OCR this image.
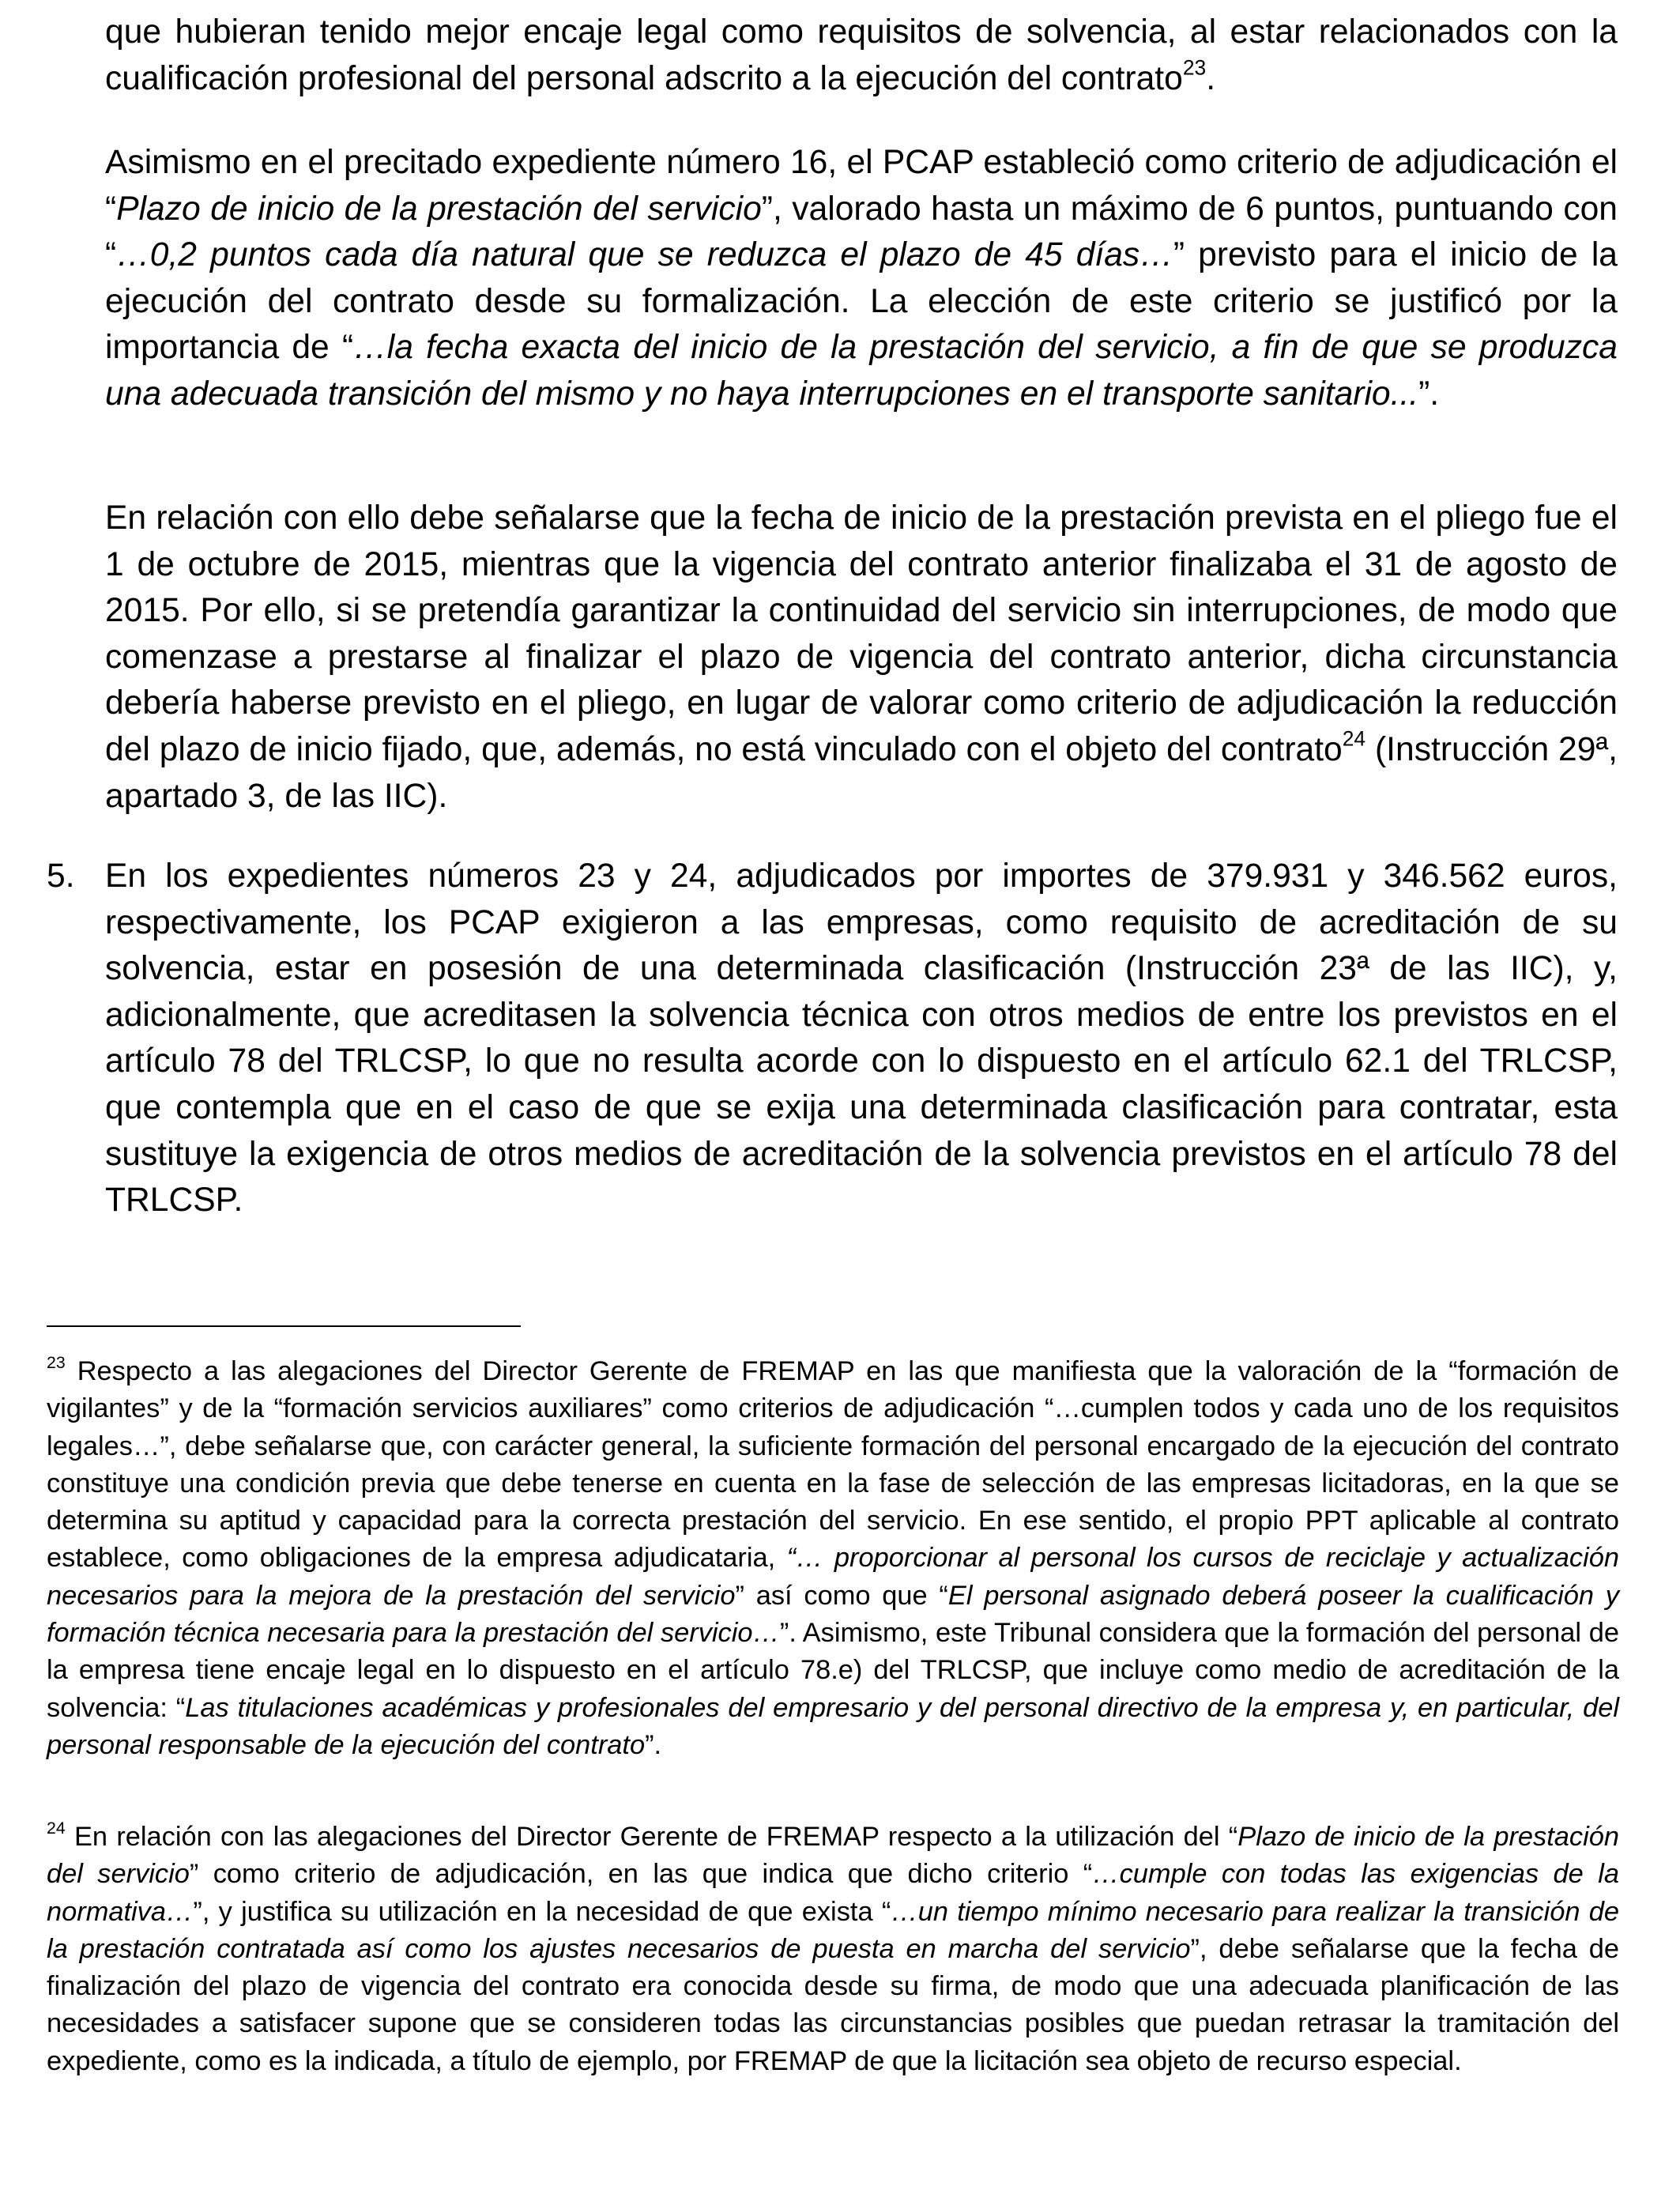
que hubieran tenido mejor encaje legal como requisitos de solvencia, al estar relacionados con la cualificación profesional del personal adscrito a la ejecución del contrato$^{23}$.
Asimismo en el precitado expediente número 16, el PCAP estableció como criterio de adjudicación el “Plazo de inicio de la prestación del servicio”, valorado hasta un máximo de 6 puntos, puntuando con “…0,2 puntos cada día natural que se reduzca el plazo de 45 días…” previsto para el inicio de la ejecución del contrato desde su formalización. La elección de este criterio se justificó por la importancia de “…la fecha exacta del inicio de la prestación del servicio, a fin de que se produzca una adecuada transición del mismo y no haya interrupciones en el transporte sanitario...”.
En relación con ello debe señalarse que la fecha de inicio de la prestación prevista en el pliego fue el 1 de octubre de 2015, mientras que la vigencia del contrato anterior finalizaba el 31 de agosto de 2015. Por ello, si se pretendía garantizar la continuidad del servicio sin interrupciones, de modo que comenzase a prestarse al finalizar el plazo de vigencia del contrato anterior, dicha circunstancia debería haberse previsto en el pliego, en lugar de valorar como criterio de adjudicación la reducción del plazo de inicio fijado, que, además, no está vinculado con el objeto del contrato$^{24}$ (Instrucción 29ª, apartado 3, de las IIC).
5. En los expedientes números 23 y 24, adjudicados por importes de 379.931 y 346.562 euros, respectivamente, los PCAP exigieron a las empresas, como requisito de acreditación de su solvencia, estar en posesión de una determinada clasificación (Instrucción 23ª de las IIC), y, adicionalmente, que acreditasen la solvencia técnica con otros medios de entre los previstos en el artículo 78 del TRLCSP, lo que no resulta acorde con lo dispuesto en el artículo 62.1 del TRLCSP, que contempla que en el caso de que se exija una determinada clasificación para contratar, esta sustituye la exigencia de otros medios de acreditación de la solvencia previstos en el artículo 78 del TRLCSP.
$^{23}$ Respecto a las alegaciones del Director Gerente de FREMAP en las que manifiesta que la valoración de la “formación de vigilantes” y de la “formación servicios auxiliares” como criterios de adjudicación “…cumplen todos y cada uno de los requisitos legales…”, debe señalarse que, con carácter general, la suficiente formación del personal encargado de la ejecución del contrato constituye una condición previa que debe tenerse en cuenta en la fase de selección de las empresas licitadoras, en la que se determina su aptitud y capacidad para la correcta prestación del servicio. En ese sentido, el propio PPT aplicable al contrato establece, como obligaciones de la empresa adjudicataria, “… proporcionar al personal los cursos de reciclaje y actualización necesarios para la mejora de la prestación del servicio” así como que “El personal asignado deberá poseer la cualificación y formación técnica necesaria para la prestación del servicio…”. Asimismo, este Tribunal considera que la formación del personal de la empresa tiene encaje legal en lo dispuesto en el artículo 78.e) del TRLCSP, que incluye como medio de acreditación de la solvencia: “Las titulaciones académicas y profesionales del empresario y del personal directivo de la empresa y, en particular, del personal responsable de la ejecución del contrato”.
$^{24}$ En relación con las alegaciones del Director Gerente de FREMAP respecto a la utilización del “Plazo de inicio de la prestación del servicio” como criterio de adjudicación, en las que indica que dicho criterio “…cumple con todas las exigencias de la normativa…”, y justifica su utilización en la necesidad de que exista “…un tiempo mínimo necesario para realizar la transición de la prestación contratada así como los ajustes necesarios de puesta en marcha del servicio”, debe señalarse que la fecha de finalización del plazo de vigencia del contrato era conocida desde su firma, de modo que una adecuada planificación de las necesidades a satisfacer supone que se consideren todas las circunstancias posibles que puedan retrasar la tramitación del expediente, como es la indicada, a título de ejemplo, por FREMAP de que la licitación sea objeto de recurso especial.
